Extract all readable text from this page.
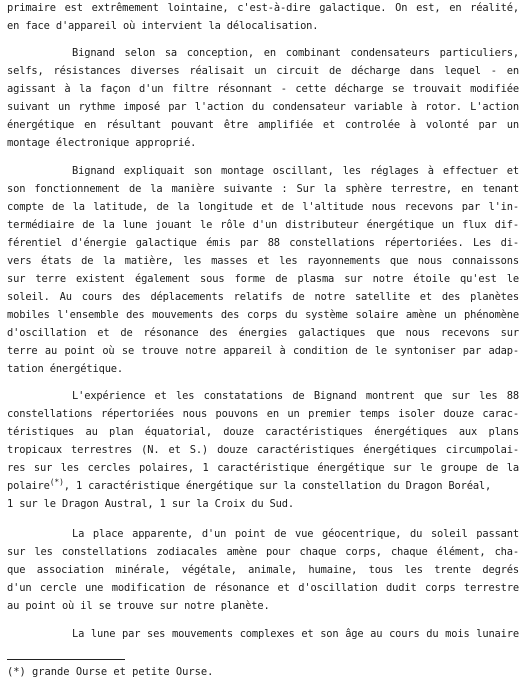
primaire est extrêmement lointaine, c'est-à-dire galactique. On est, en réalité,
en face d'appareil où intervient la délocalisation.
Bignand selon sa conception, en combinant condensateurs particuliers,
selfs, résistances diverses réalisait un circuit de décharge dans lequel - en
agissant à la façon d'un filtre résonnant - cette décharge se trouvait modifiée
suivant un rythme imposé par l'action du condensateur variable à rotor. L'action
énergétique en résultant pouvant être amplifiée et controlée à volonté par un
montage électronique approprié.
Bignand expliquait son montage oscillant, les réglages à effectuer et
son fonctionnement de la manière suivante : Sur la sphère terrestre, en tenant
compte de la latitude, de la longitude et de l'altitude nous recevons par l'in-
termédiaire de la lune jouant le rôle d'un distributeur énergétique un flux dif-
férentiel d'énergie galactique émis par 88 constellations répertoriées. Les di-
vers états de la matière, les masses et les rayonnements que nous connaissons
sur terre existent également sous forme de plasma sur notre étoile qu'est le
soleil. Au cours des déplacements relatifs de notre satellite et des planètes
mobiles l'ensemble des mouvements des corps du système solaire amène un phénomène
d'oscillation et de résonance des énergies galactiques que nous recevons sur
terre au point où se trouve notre appareil à condition de le syntoniser par adap-
tation énergétique.
L'expérience et les constatations de Bignand montrent que sur les 88
constellations répertoriées nous pouvons en un premier temps isoler douze carac-
téristiques au plan équatorial, douze caractéristiques énergétiques aux plans
tropicaux terrestres (N. et S.) douze caractéristiques énergétiques circumpolai-
res sur les cercles polaires, 1 caractéristique énergétique sur le groupe de la
polaire(*), 1 caractéristique énergétique sur la constellation du Dragon Boréal,
1 sur le Dragon Austral, 1 sur la Croix du Sud.
La place apparente, d'un point de vue géocentrique, du soleil passant
sur les constellations zodiacales amène pour chaque corps, chaque élément, cha-
que association minérale, végétale, animale, humaine, tous les trente degrés
d'un cercle une modification de résonance et d'oscillation dudit corps terrestre
au point où il se trouve sur notre planète.
La lune par ses mouvements complexes et son âge au cours du mois lunaire
(*) grande Ourse et petite Ourse.
